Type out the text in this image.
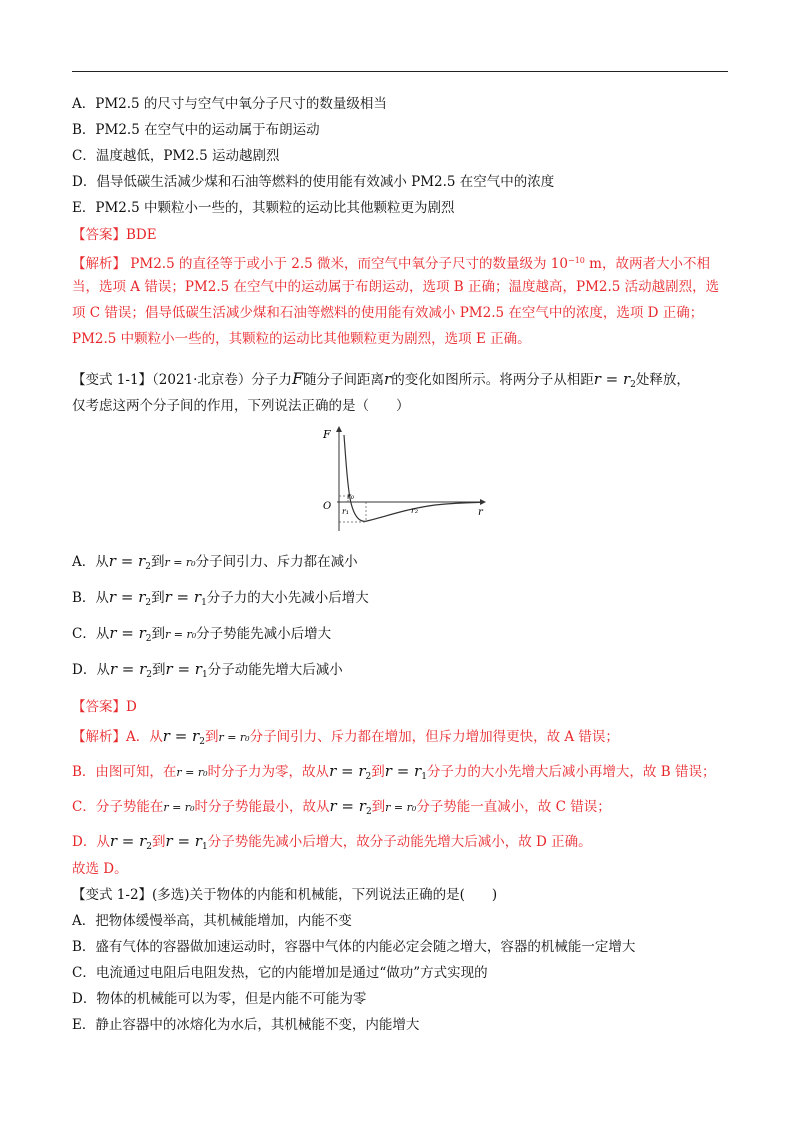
A．PM2.5 的尺寸与空气中氧分子尺寸的数量级相当
B．PM2.5 在空气中的运动属于布朗运动
C．温度越低，PM2.5 运动越剧烈
D．倡导低碳生活减少煤和石油等燃料的使用能有效减小 PM2.5 在空气中的浓度
E．PM2.5 中颗粒小一些的，其颗粒的运动比其他颗粒更为剧烈
【答案】BDE
【解析】 PM2.5 的直径等于或小于 2.5 微米，而空气中氧分子尺寸的数量级为 $10^{-10}$ m，故两者大小不相
当，选项 A 错误；PM2.5 在空气中的运动属于布朗运动，选项 B 正确；温度越高，PM2.5 活动越剧烈，选
项 C 错误；倡导低碳生活减少煤和石油等燃料的使用能有效减小 PM2.5 在空气中的浓度，选项 D 正确；
PM2.5 中颗粒小一些的，其颗粒的运动比其他颗粒更为剧烈，选项 E 正确。
【变式 1-1】（2021·北京卷）分子力F随分子间距离r的变化如图所示。将两分子从相距$r = r_2$处释放，
仅考虑这两个分子间的作用，下列说法正确的是（　　）
F
O
r
r₀
r₁	r₂
A．从$r = r_2$到r = r₀分子间引力、斥力都在减小
B．从$r = r_2$到$r = r_1$分子力的大小先减小后增大
C．从$r = r_2$到r = r₀分子势能先减小后增大
D．从$r = r_2$到$r = r_1$分子动能先增大后减小
【答案】D
【解析】A．从$r = r_2$到r = r₀分子间引力、斥力都在增加，但斥力增加得更快，故 A 错误；
B．由图可知，在r = r₀时分子力为零，故从$r = r_2$到$r = r_1$分子力的大小先增大后减小再增大，故 B 错误；
C．分子势能在r = r₀时分子势能最小，故从$r = r_2$到r = r₀分子势能一直减小，故 C 错误；
D．从$r = r_2$到$r = r_1$分子势能先减小后增大，故分子动能先增大后减小，故 D 正确。
故选 D。
【变式 1-2】(多选)关于物体的内能和机械能，下列说法正确的是(　　)
A．把物体缓慢举高，其机械能增加，内能不变
B．盛有气体的容器做加速运动时，容器中气体的内能必定会随之增大，容器的机械能一定增大
C．电流通过电阻后电阻发热，它的内能增加是通过“做功”方式实现的
D．物体的机械能可以为零，但是内能不可能为零
E．静止容器中的冰熔化为水后，其机械能不变，内能增大
